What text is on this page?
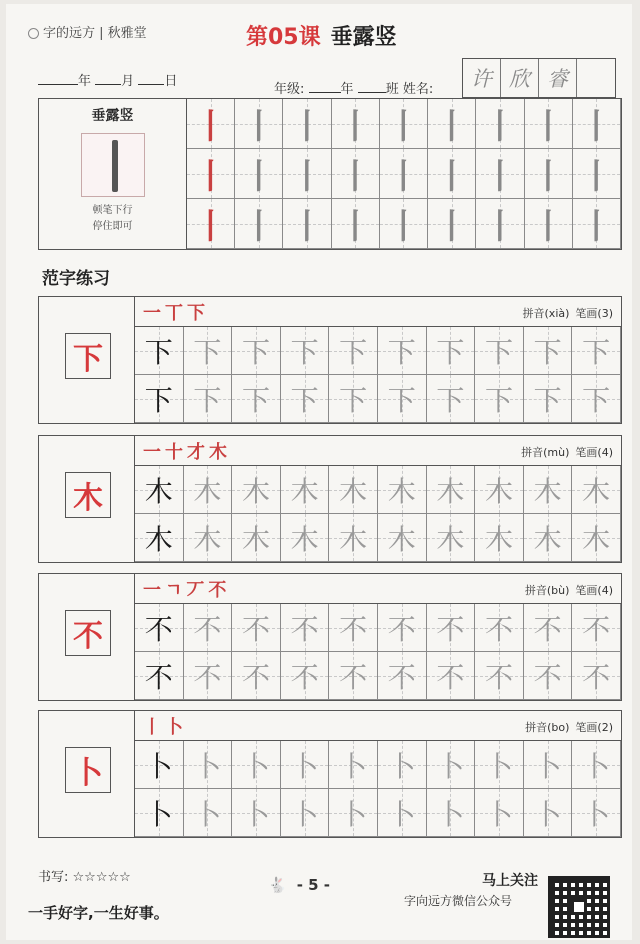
字的远方 | 秋雅堂	第05课 垂露竖
年 月 日
年级:	年 班 姓名:	许 欣 睿
垂露竖
顿笔下行
停住即可
丨 丨 丨 丨 丨 丨 丨 丨 丨
丨 丨 丨 丨 丨 丨 丨 丨 丨
丨 丨 丨 丨 丨 丨 丨 丨 丨
范字练习
下
一丅下	拼音(xià) 笔画(3)
下 下 下 下 下 下 下 下 下 下
下 下 下 下 下 下 下 下 下 下
木
一十才木	拼音(mù) 笔画(4)
木 木 木 木 木 木 木 木 木 木
木 木 木 木 木 木 木 木 木 木
不
一ㄱ丆不	拼音(bù) 笔画(4)
不 不 不 不 不 不 不 不 不 不
不 不 不 不 不 不 不 不 不 不
卜
丨卜	拼音(bo) 笔画(2)
卜 卜 卜 卜 卜 卜 卜 卜 卜 卜
卜 卜 卜 卜 卜 卜 卜 卜 卜 卜
书写: ☆☆☆☆☆
一手好字,一生好事。
🐇 - 5 -	马上关注
字向远方微信公众号
